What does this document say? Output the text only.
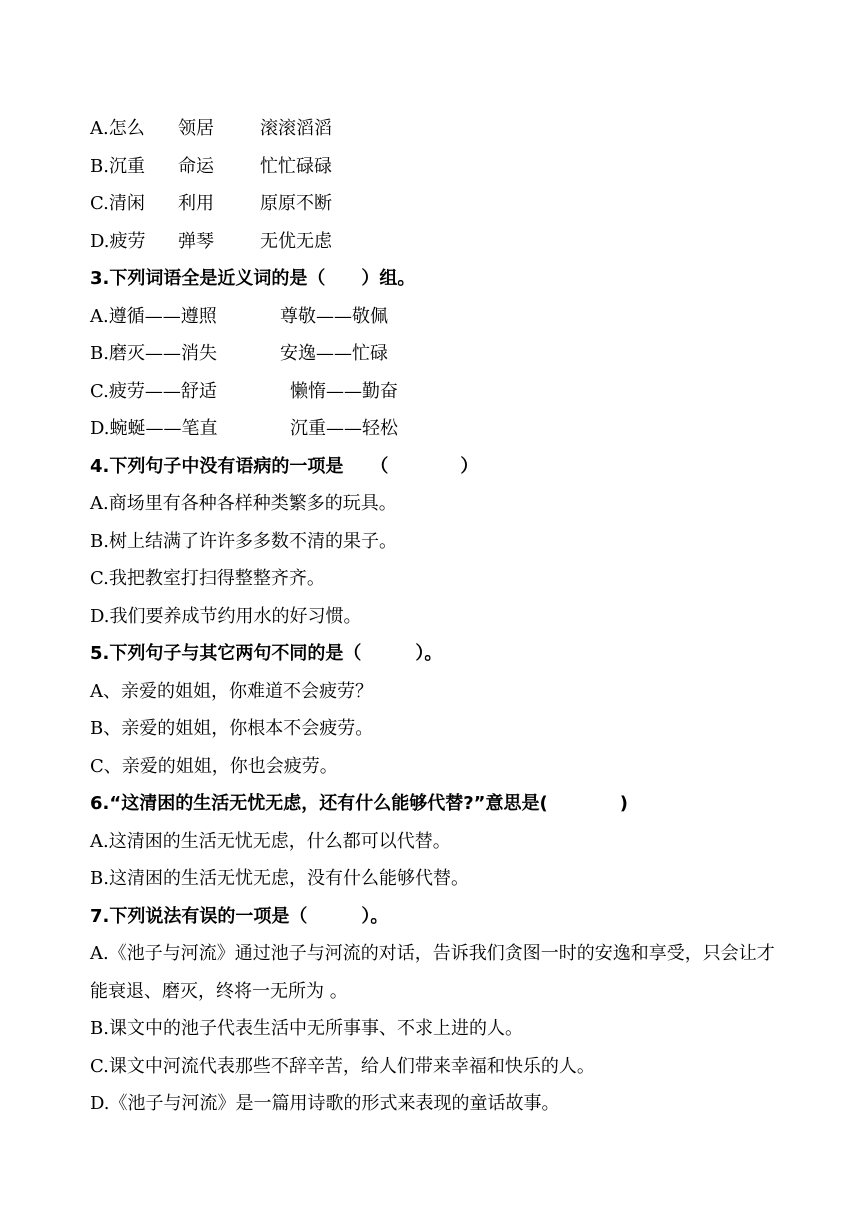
A.怎么 领居	滚滚滔滔
B.沉重 命运	忙忙碌碌
C.清闲 利用	原原不断
D.疲劳 弹琴	无优无虑
3.下列词语全是近义词的是（　　）组。
A.遵循——遵照	尊敬——敬佩
B.磨灭——消失	安逸——忙碌
C.疲劳——舒适	懒惰——勤奋
D.蜿蜒——笔直	沉重——轻松
4.下列句子中没有语病的一项是　　（　　　　）
A.商场里有各种各样种类繁多的玩具。
B.树上结满了许许多多数不清的果子。
C.我把教室打扫得整整齐齐。
D.我们要养成节约用水的好习惯。
5.下列句子与其它两句不同的是（　　　）。
A、亲爱的姐姐，你难道不会疲劳？
B、亲爱的姐姐，你根本不会疲劳。
C、亲爱的姐姐，你也会疲劳。
6.“这清困的生活无忧无虑，还有什么能够代替?”意思是(　　　　)
A.这清困的生活无忧无虑，什么都可以代替。
B.这清困的生活无忧无虑，没有什么能够代替。
7.下列说法有误的一项是（　　　）。
A.《池子与河流》通过池子与河流的对话，告诉我们贪图一时的安逸和享受，只会让才能衰退、磨灭，终将一无所为 。
B.课文中的池子代表生活中无所事事、不求上进的人。
C.课文中河流代表那些不辞辛苦，给人们带来幸福和快乐的人。
D.《池子与河流》是一篇用诗歌的形式来表现的童话故事。
